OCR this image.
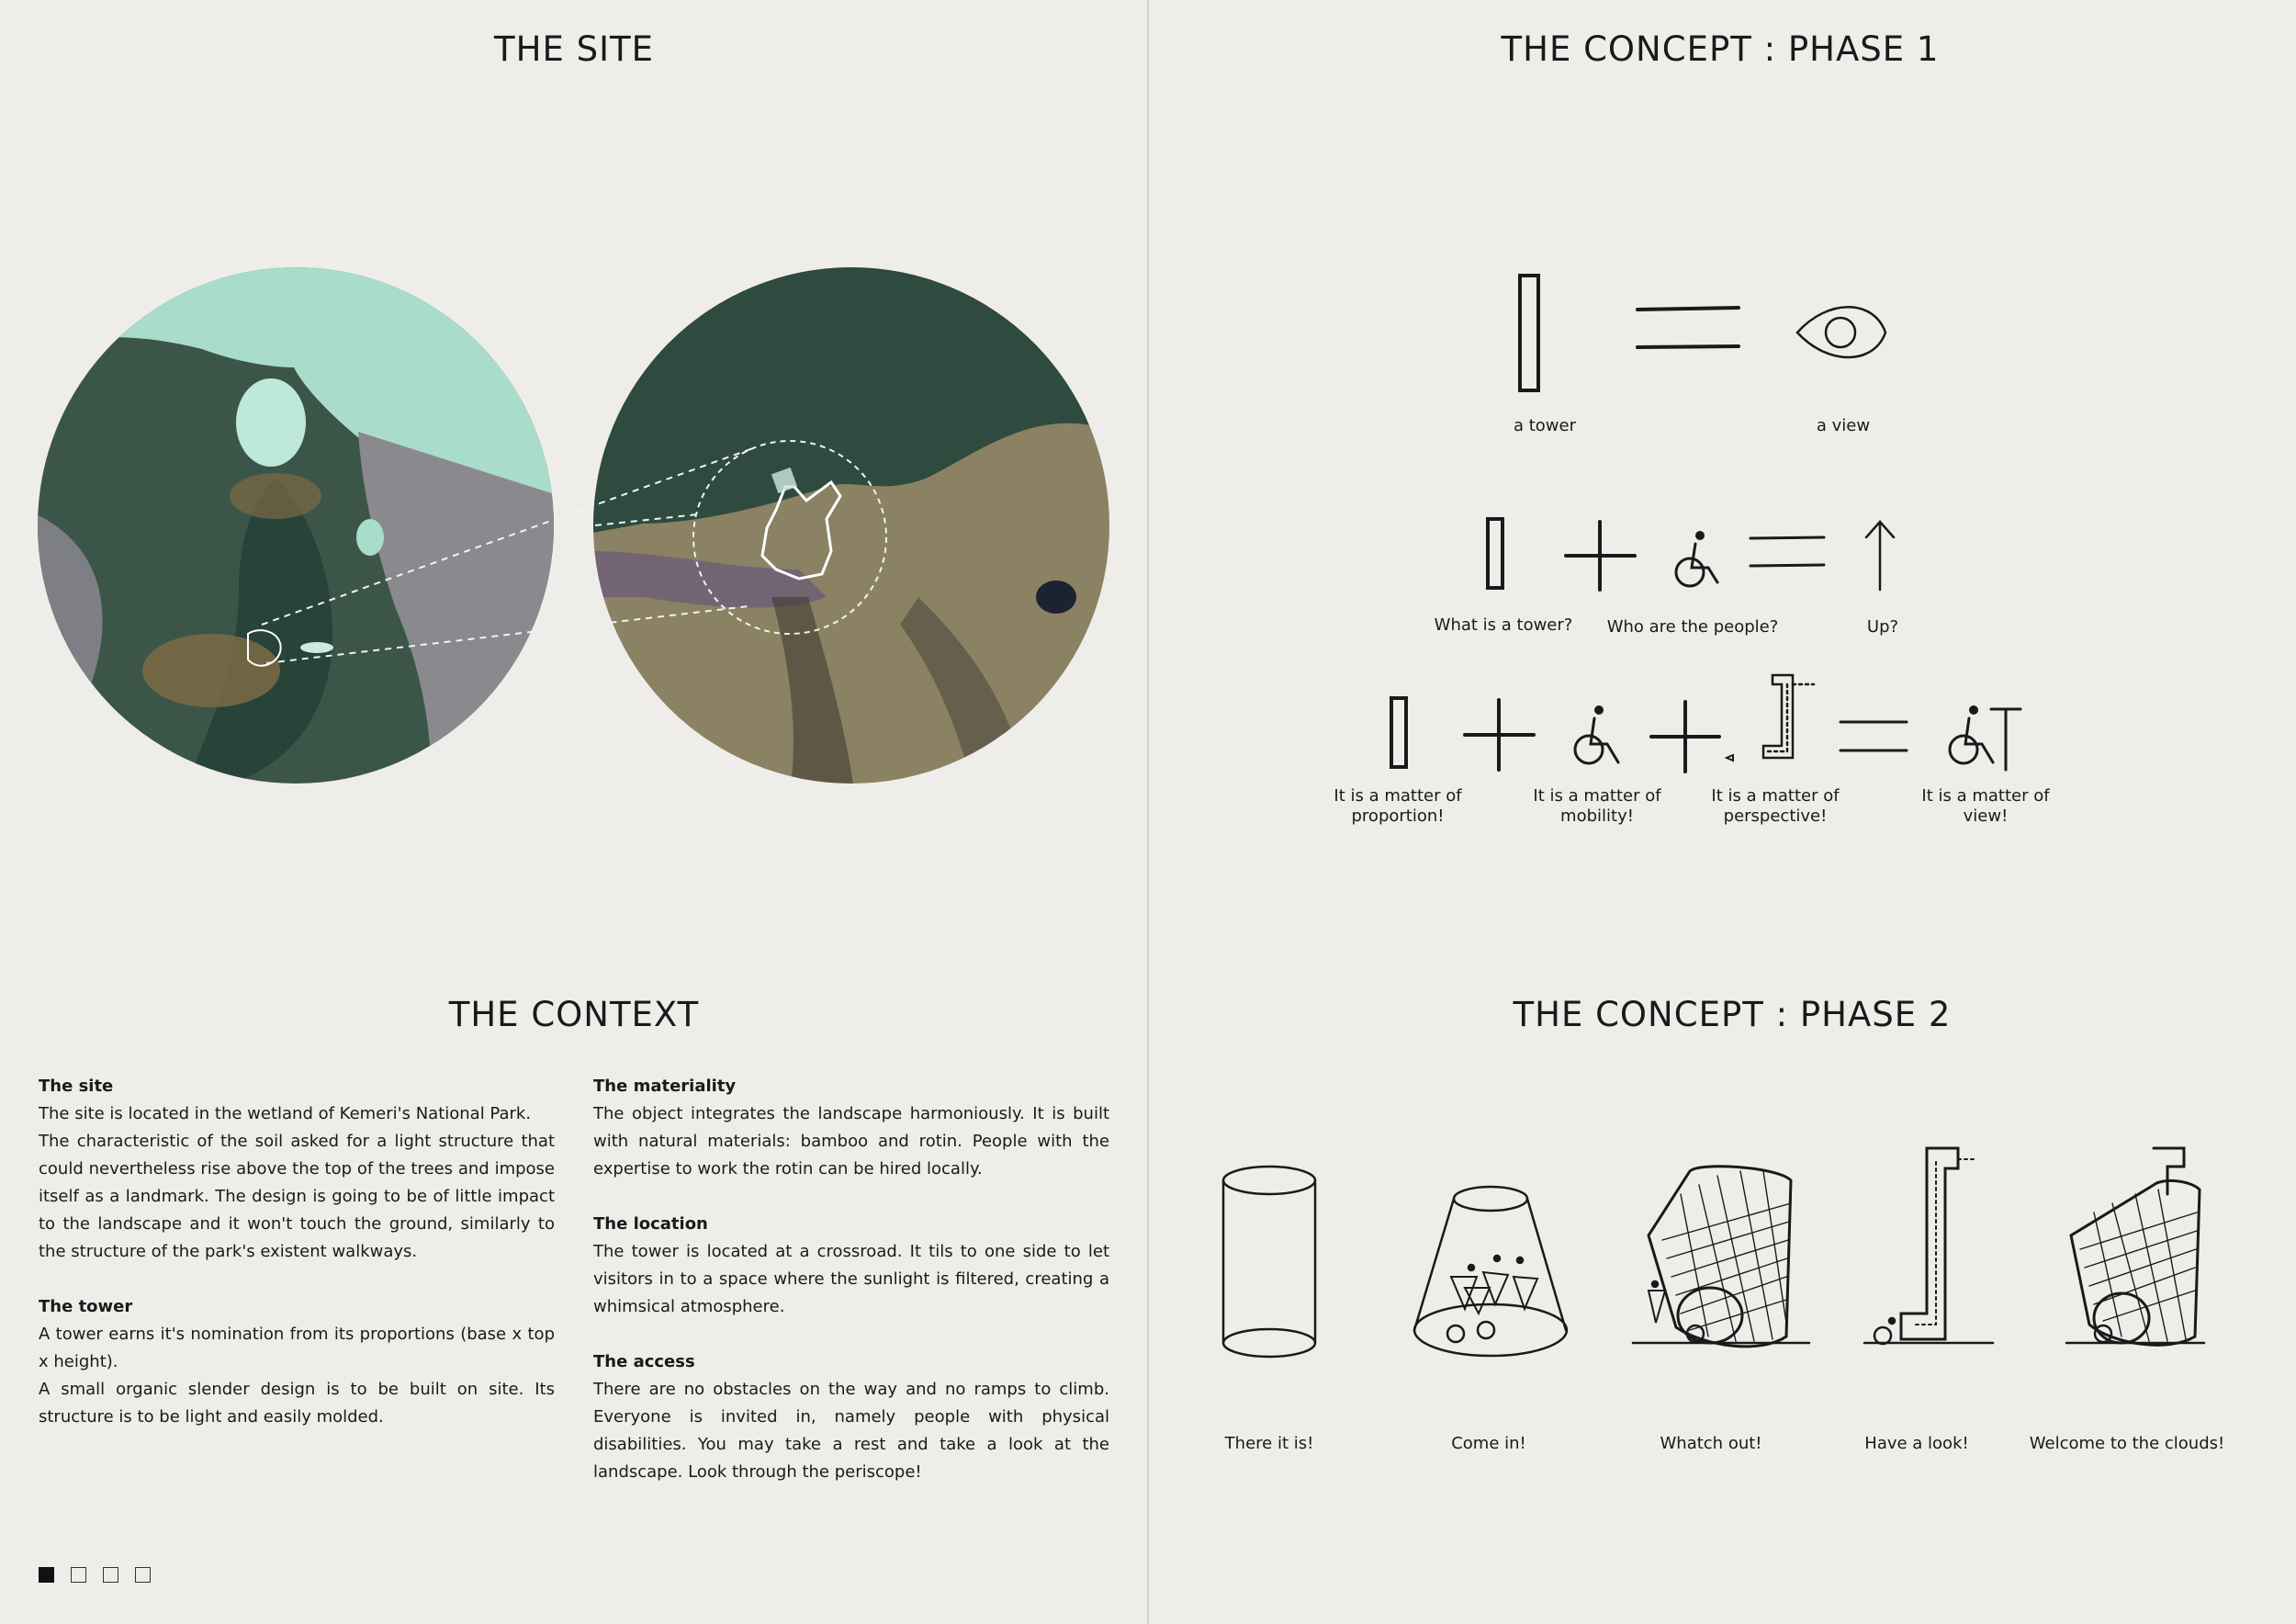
THE SITE
THE CONTEXT
The site

The site is located in the wetland of Kemeri's National Park.

The characteristic of the soil asked for a light structure that could nevertheless rise above the top of the trees and impose itself as a landmark. The design is going to be of little impact to the landscape and it won't touch the ground, similarly to the structure of the park's existent walkways.

The tower

A tower earns it's nomination from its proportions (base x top x height).

A small organic slender design is to be built on site. Its structure is to be light and easily molded.

The materiality

The object integrates the landscape harmoniously. It is built with natural materials: bamboo and rotin. People with the expertise to work the rotin can be hired locally.

The location

The tower is located at a crossroad. It tils to one side to let visitors in to a space where the sunlight is filtered, creating a whimsical atmosphere.

The access

There are no obstacles on the way and no ramps to climb. Everyone is invited in, namely people with physical disabilities. You may take a rest and take a look at the landscape. Look through the periscope!

THE CONCEPT : PHASE 1
a tower	a view
What is a tower? Who are the people?	Up?
It is a matter of proportion!
It is a matter of mobility!
It is a matter of perspective!
It is a matter of view!
THE CONCEPT : PHASE 2
There it is!	Come in!	Whatch out!	Have a look!	Welcome to the clouds!
